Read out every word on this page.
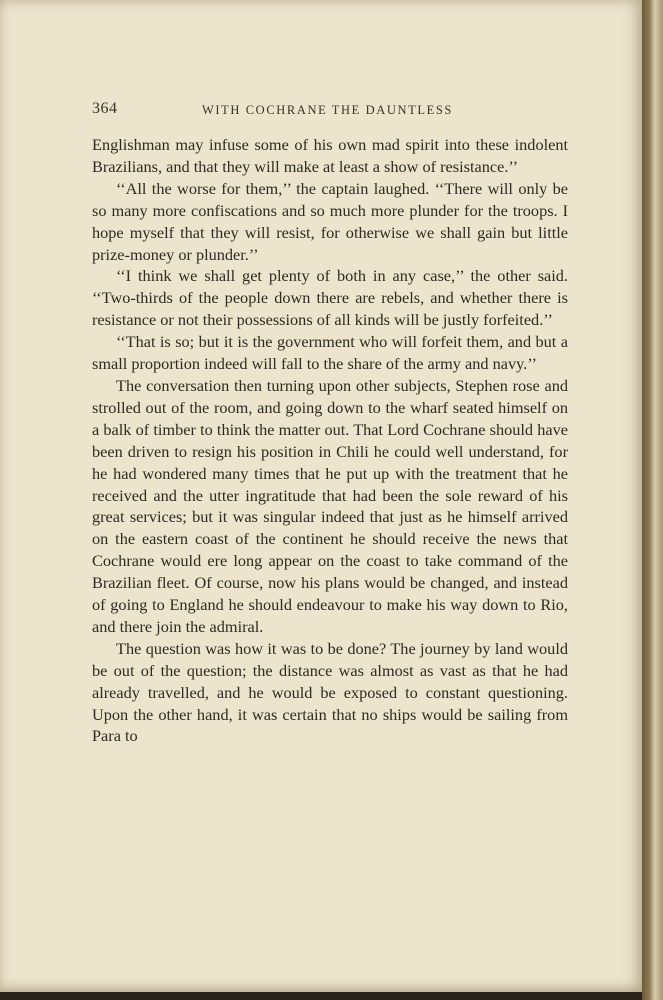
364	WITH COCHRANE THE DAUNTLESS

Englishman may infuse some of his own mad spirit into these indolent Brazilians, and that they will make at least a show of resistance.’’

‘‘All the worse for them,’’ the captain laughed. ‘‘There will only be so many more confiscations and so much more plunder for the troops. I hope myself that they will resist, for otherwise we shall gain but little prize-money or plunder.’’

‘‘I think we shall get plenty of both in any case,’’ the other said. ‘‘Two-thirds of the people down there are rebels, and whether there is resistance or not their possessions of all kinds will be justly forfeited.’’

‘‘That is so; but it is the government who will forfeit them, and but a small proportion indeed will fall to the share of the army and navy.’’

The conversation then turning upon other subjects, Stephen rose and strolled out of the room, and going down to the wharf seated himself on a balk of timber to think the matter out. That Lord Cochrane should have been driven to resign his position in Chili he could well understand, for he had wondered many times that he put up with the treatment that he received and the utter ingratitude that had been the sole reward of his great services; but it was singular indeed that just as he himself arrived on the eastern coast of the continent he should receive the news that Cochrane would ere long appear on the coast to take command of the Brazilian fleet. Of course, now his plans would be changed, and instead of going to England he should endeavour to make his way down to Rio, and there join the admiral.

The question was how it was to be done? The journey by land would be out of the question; the distance was almost as vast as that he had already travelled, and he would be exposed to constant questioning. Upon the other hand, it was certain that no ships would be sailing from Para to
